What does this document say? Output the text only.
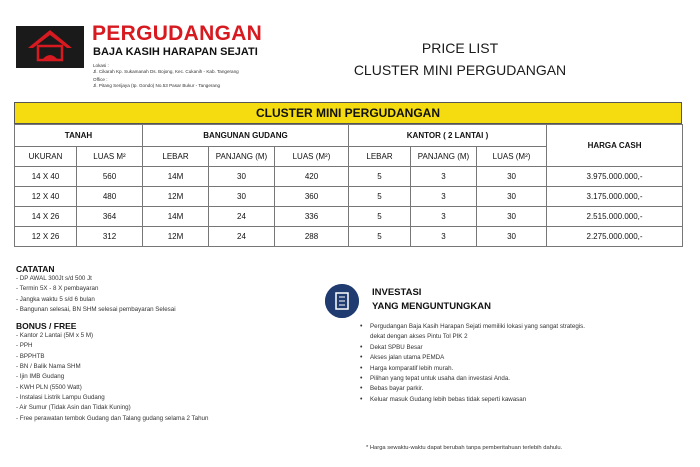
PERGUDANGAN
BAJA KASIH HARAPAN SEJATI
Lokasi :
Jl. Cikarah Kp. Sukamanah Ds. Bojong, Kec. Cukanih - Kab. Tangerang
Office :
Jl. Pitang Serijaya (tp. Gondo) No.53 Pasar Bukur - Tangerang
PRICE LIST
CLUSTER MINI PERGUDANGAN
CLUSTER MINI PERGUDANGAN
TANAH		BANGUNAN GUDANG			KANTOR ( 2 LANTAI )			HARGA CASH
UKURAN	LUAS M²	LEBAR	PANJANG (M)	LUAS (M²)	LEBAR	PANJANG (M)	LUAS (M²)	
14 X 40	560	14M	30	420	5	3	30	3.975.000.000,-
12 X 40	480	12M	30	360	5	3	30	3.175.000.000,-
14 X 26	364	14M	24	336	5	3	30	2.515.000.000,-
12 X 26	312	12M	24	288	5	3	30	2.275.000.000,-
CATATAN
- DP AWAL 300Jt s/d 500 Jt
- Termin 5X - 8 X pembayaran
- Jangka waktu 5 s/d 6 bulan
- Bangunan selesai, BN SHM selesai pembayaran Selesai
BONUS / FREE
- Kantor 2 Lantai (5M x 5 M)
- PPH
- BPPHTB
- BN / Balik Nama SHM
- Ijin IMB Gudang
- KWH PLN (5500 Watt)
- Instalasi Listrik Lampu Gudang
- Air Sumur (Tidak Asin dan Tidak Kuning)
- Free perawatan tembok Gudang dan Talang gudang selama 2 Tahun
INVESTASI
YANG MENGUNTUNGKAN
• Pergudangan Baja Kasih Harapan Sejati memiliki lokasi yang sangat strategis.
dekat dengan akses Pintu Tol PIK 2
• Dekat SPBU Besar
• Akses jalan utama PEMDA
• Harga komparatif lebih murah.
• Pilihan yang tepat untuk usaha dan investasi Anda.
• Bebas bayar parkir.
• Keluar masuk Gudang lebih bebas tidak seperti kawasan
* Harga sewaktu-waktu dapat berubah tanpa pemberitahuan terlebih dahulu.
